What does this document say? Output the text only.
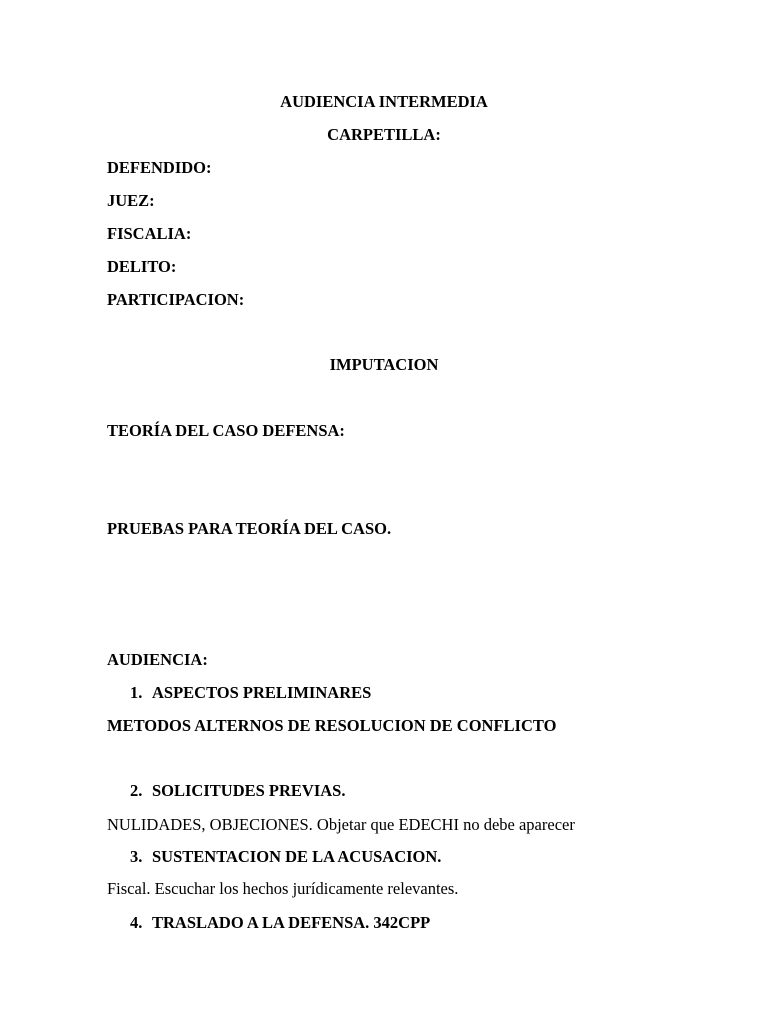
AUDIENCIA INTERMEDIA
CARPETILLA:
DEFENDIDO:
JUEZ:
FISCALIA:
DELITO:
PARTICIPACION:
IMPUTACION
TEORÍA DEL CASO DEFENSA:
PRUEBAS PARA TEORÍA DEL CASO.
AUDIENCIA:
1. ASPECTOS PRELIMINARES
METODOS ALTERNOS DE RESOLUCION DE CONFLICTO
2. SOLICITUDES PREVIAS.
NULIDADES, OBJECIONES. Objetar que EDECHI no debe aparecer
3. SUSTENTACION DE LA ACUSACION.
Fiscal. Escuchar los hechos jurídicamente relevantes.
4. TRASLADO A LA DEFENSA. 342CPP
